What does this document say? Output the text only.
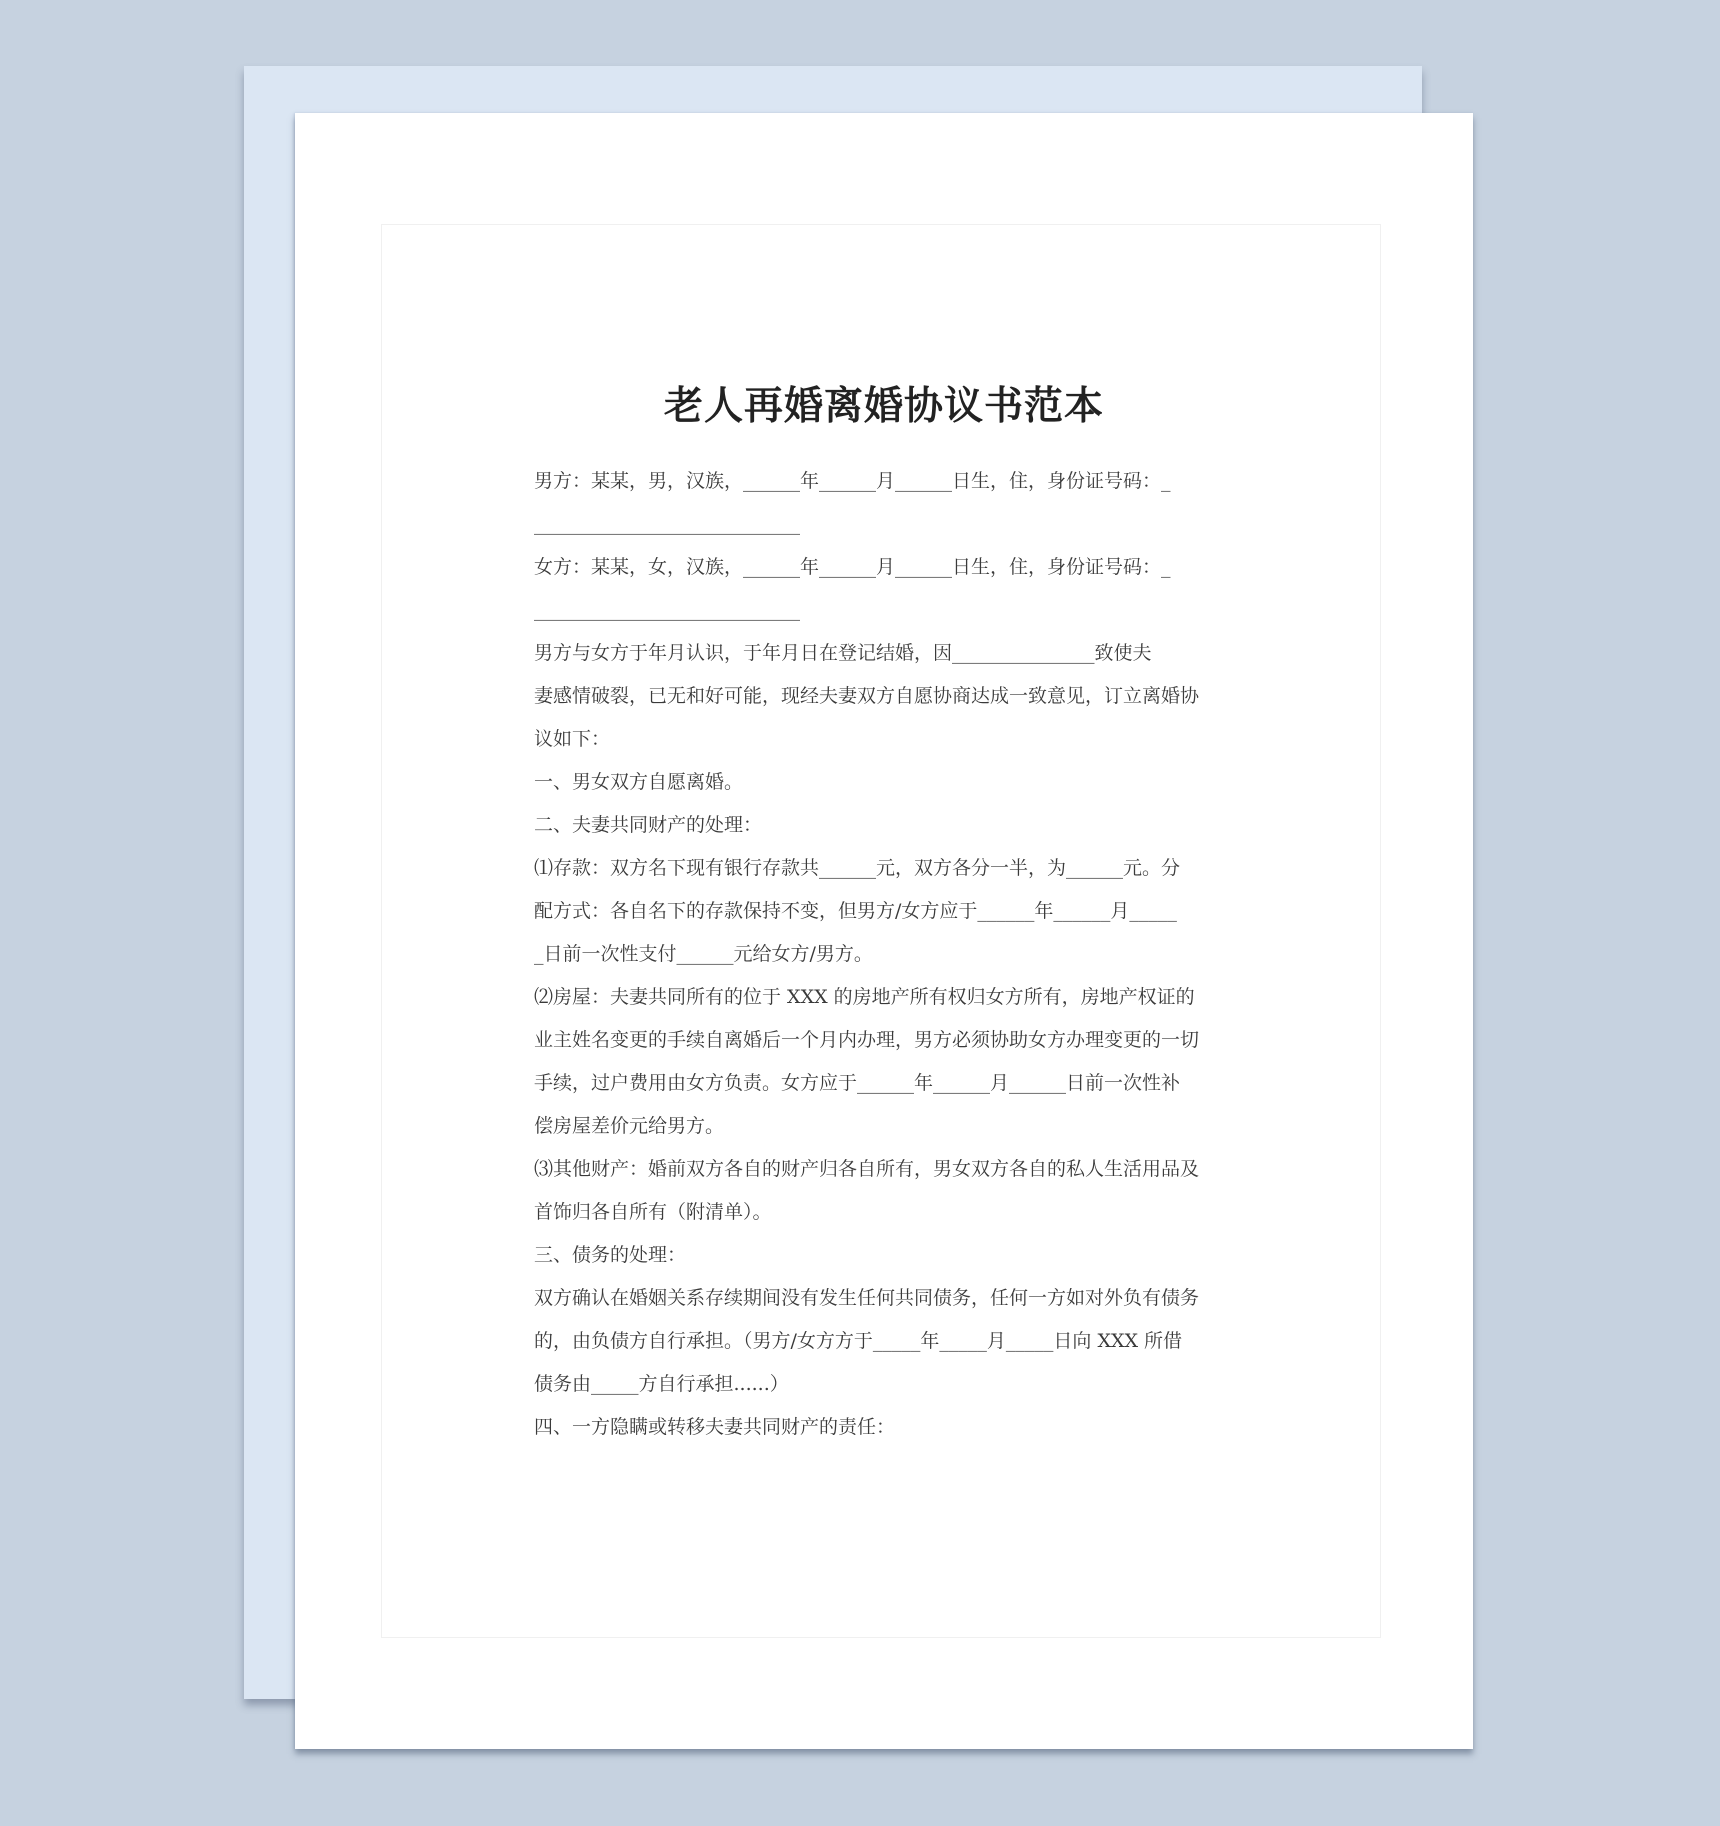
老人再婚离婚协议书范本

男方：某某，男，汉族，______年______月______日生，住，身份证号码：_

____________________________

女方：某某，女，汉族，______年______月______日生，住，身份证号码：_

____________________________

男方与女方于年月认识，于年月日在登记结婚，因_______________致使夫

妻感情破裂，已无和好可能，现经夫妻双方自愿协商达成一致意见，订立离婚协

议如下：

一、男女双方自愿离婚。

二、夫妻共同财产的处理：

⑴存款：双方名下现有银行存款共______元，双方各分一半，为______元。分

配方式：各自名下的存款保持不变，但男方/女方应于______年______月_____

_日前一次性支付______元给女方/男方。

⑵房屋：夫妻共同所有的位于 XXX 的房地产所有权归女方所有，房地产权证的

业主姓名变更的手续自离婚后一个月内办理，男方必须协助女方办理变更的一切

手续，过户费用由女方负责。女方应于______年______月______日前一次性补

偿房屋差价元给男方。

⑶其他财产：婚前双方各自的财产归各自所有，男女双方各自的私人生活用品及

首饰归各自所有（附清单）。

三、债务的处理：

双方确认在婚姻关系存续期间没有发生任何共同债务，任何一方如对外负有债务

的，由负债方自行承担。（男方/女方方于_____年_____月_____日向 XXX 所借

债务由_____方自行承担......）

四、一方隐瞒或转移夫妻共同财产的责任：
